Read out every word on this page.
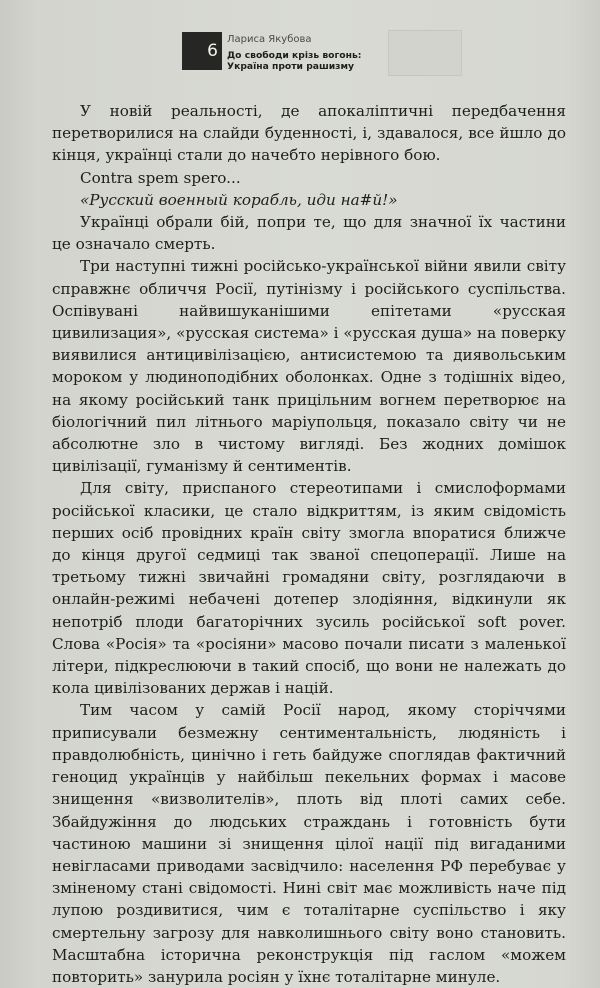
6
Лариса Якубова
До свободи крізь вогонь:
Україна проти рашизму

У новій реальності, де апокаліптичні передбачення перетворилися на слайди буденності, і, здавалося, все йшло до кінця, українці стали до начебто нерівного бою.

Contra spem spero...

«Русский военный корабль, иди на#й!»

Українці обрали бій, попри те, що для значної їх частини це означало смерть.

Три наступні тижні російсько-української війни явили світу справжнє обличчя Росії, путінізму і російського суспільства. Оспівувані найвишуканішими епітетами «русская цивилизация», «русская система» і «русская душа» на поверку виявилися антицивілізацією, антисистемою та диявольським мороком у людиноподібних оболонках. Одне з тодішніх відео, на якому російський танк прицільним вогнем перетворює на біологічний пил літнього маріупольця, показало світу чи не абсолютне зло в чистому вигляді. Без жодних домішок цивілізації, гуманізму й сентиментів.

Для світу, приспаного стереотипами і смислоформами російської класики, це стало відкриттям, із яким свідомість перших осіб провідних країн світу змогла впоратися ближче до кінця другої седмиці так званої спецоперації. Лише на третьому тижні звичайні громадяни світу, розглядаючи в онлайн-режимі небачені дотепер злодіяння, відкинули як непотріб плоди багаторічних зусиль російської soft pover. Слова «Росія» та «росіяни» масово почали писати з маленької літери, підкреслюючи в такий спосіб, що вони не належать до кола цивілізованих держав і націй.

Тим часом у самій Росії народ, якому сторіччями приписували безмежну сентиментальність, людяність і правдолюбність, цинічно і геть байдуже споглядав фактичний геноцид українців у найбільш пекельних формах і масове знищення «визволителів», плоть від плоті самих себе. Збайдужіння до людських страждань і готовність бути частиною машини зі знищення цілої нації під вигаданими невігласами приводами засвідчило: населення РФ перебуває у зміненому стані свідомості. Нині світ має можливість наче під лупою роздивитися, чим є тоталітарне суспільство і яку смертельну загрозу для навколишнього світу воно становить. Масштабна історична реконструкція під гаслом «можем повторить» занурила росіян у їхнє тоталітарне минуле.
